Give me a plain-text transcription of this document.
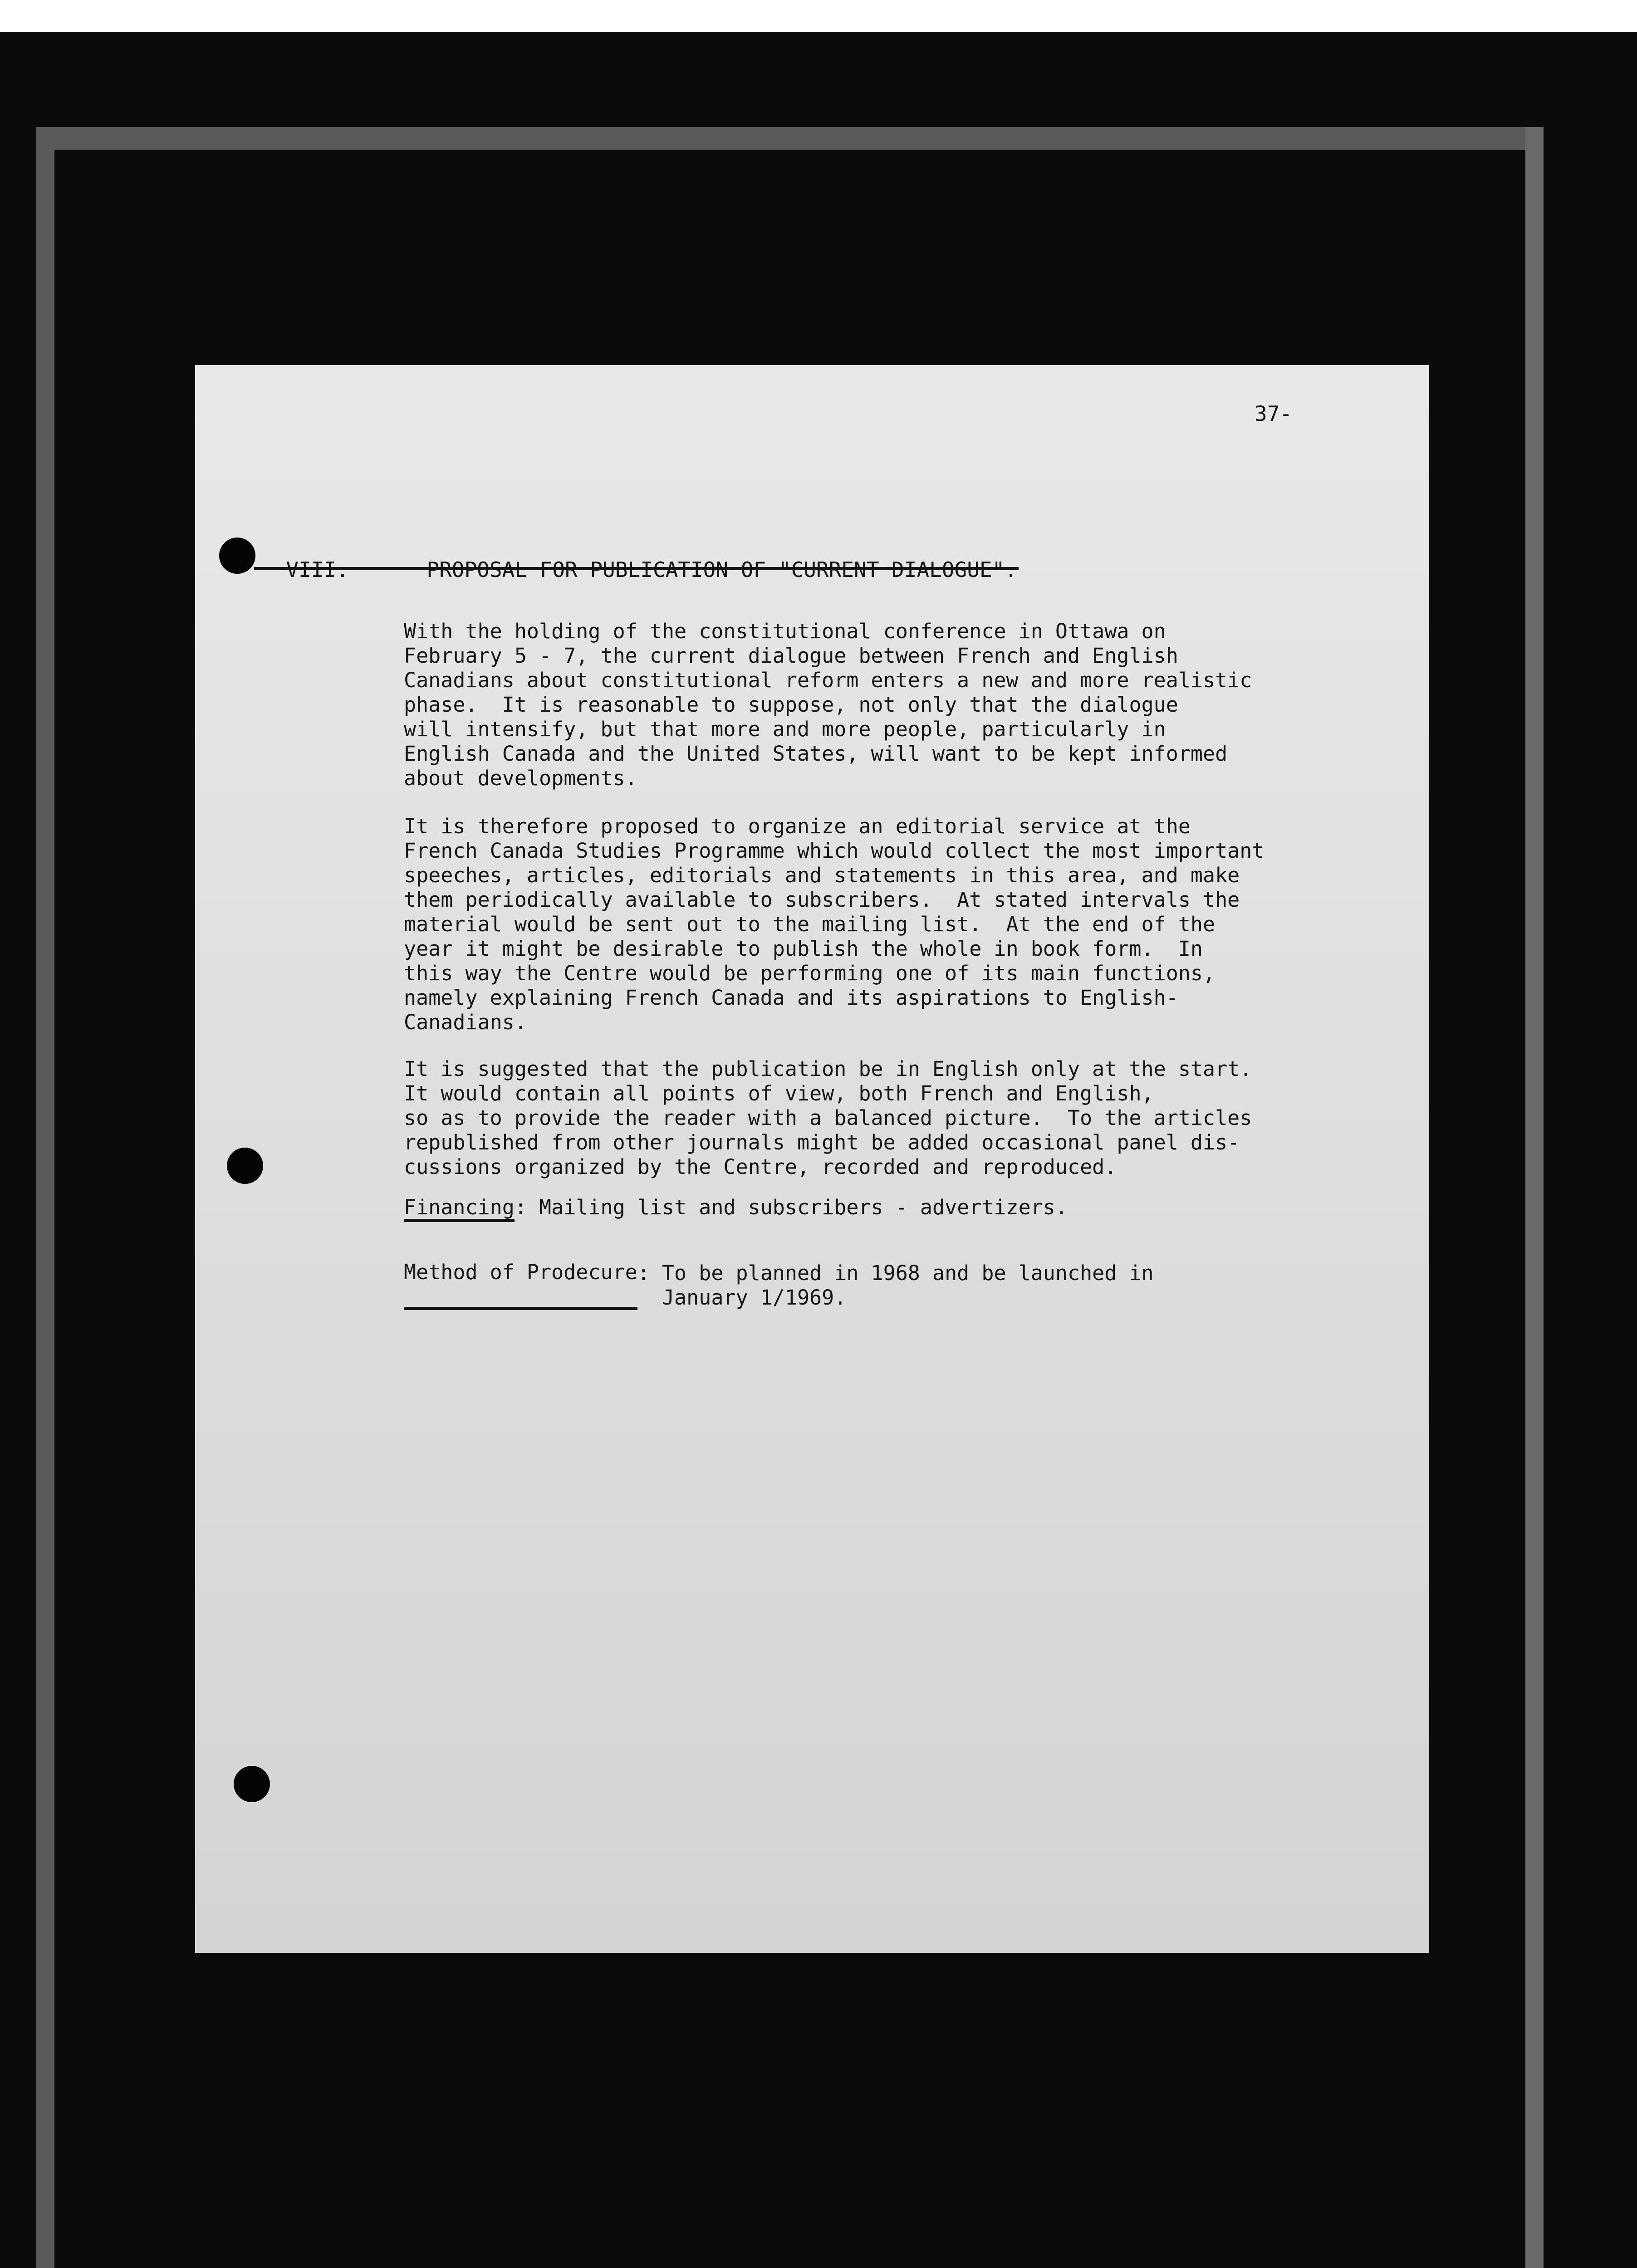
37-

With the holding of the constitutional conference in Ottawa on
February 5 - 7, the current dialogue between French and English
Canadians about constitutional reform enters a new and more realistic
phase.  It is reasonable to suppose, not only that the dialogue
will intensify, but that more and more people, particularly in
English Canada and the United States, will want to be kept informed
about developments.
It is therefore proposed to organize an editorial service at the
French Canada Studies Programme which would collect the most important
speeches, articles, editorials and statements in this area, and make
them periodically available to subscribers.  At stated intervals the
material would be sent out to the mailing list.  At the end of the
year it might be desirable to publish the whole in book form.  In
this way the Centre would be performing one of its main functions,
namely explaining French Canada and its aspirations to English-
Canadians.
It is suggested that the publication be in English only at the start.
It would contain all points of view, both French and English,
so as to provide the reader with a balanced picture.  To the articles
republished from other journals might be added occasional panel dis-
cussions organized by the Centre, recorded and reproduced.
Financing: Mailing list and subscribers - advertizers.
Method of Prodecure : To be planned in 1968 and be launched in
January 1/1969.
